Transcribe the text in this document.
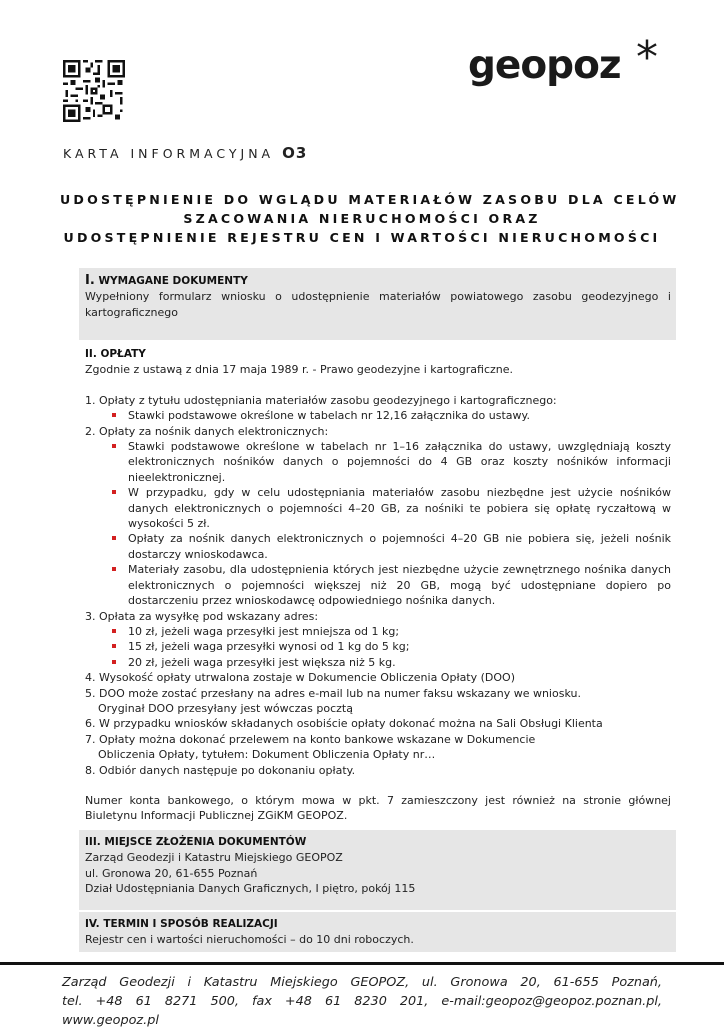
geopoz *
KARTA INFORMACYJNA O3
UDOSTĘPNIENIE DO WGLĄDU MATERIAŁÓW ZASOBU DLA CELÓW
SZACOWANIA NIERUCHOMOŚCI ORAZ
UDOSTĘPNIENIE REJESTRU CEN I WARTOŚCI NIERUCHOMOŚCI
I. WYMAGANE DOKUMENTY
Wypełniony formularz wniosku o udostępnienie materiałów powiatowego zasobu geodezyjnego i kartograficznego
II. OPŁATY
Zgodnie z ustawą z dnia 17 maja 1989 r. - Prawo geodezyjne i kartograficzne.
1. Opłaty z tytułu udostępniania materiałów zasobu geodezyjnego i kartograficznego:
Stawki podstawowe określone w tabelach nr 12,16 załącznika do ustawy.
2. Opłaty za nośnik danych elektronicznych:
Stawki podstawowe określone w tabelach nr 1–16 załącznika do ustawy, uwzględniają koszty elektronicznych nośników danych o pojemności do 4 GB oraz koszty nośników informacji nieelektronicznej.
W przypadku, gdy w celu udostępniania materiałów zasobu niezbędne jest użycie nośników danych elektronicznych o pojemności 4–20 GB, za nośniki te pobiera się opłatę ryczałtową w wysokości 5 zł.
Opłaty za nośnik danych elektronicznych o pojemności 4–20 GB nie pobiera się, jeżeli nośnik dostarczy wnioskodawca.
Materiały zasobu, dla udostępnienia których jest niezbędne użycie zewnętrznego nośnika danych elektronicznych o pojemności większej niż 20 GB, mogą być udostępniane dopiero po dostarczeniu przez wnioskodawcę odpowiedniego nośnika danych.
3. Opłata za wysyłkę pod wskazany adres:
10 zł, jeżeli waga przesyłki jest mniejsza od 1 kg;
15 zł, jeżeli waga przesyłki wynosi od 1 kg do 5 kg;
20 zł, jeżeli waga przesyłki jest większa niż 5 kg.
4. Wysokość opłaty utrwalona zostaje w Dokumencie Obliczenia Opłaty (DOO)
5. DOO może zostać przesłany na adres e-mail lub na numer faksu wskazany we wniosku.
Oryginał DOO przesyłany jest wówczas pocztą
6. W przypadku wniosków składanych osobiście opłaty dokonać można na Sali Obsługi Klienta
7. Opłaty można dokonać przelewem na konto bankowe wskazane w Dokumencie
Obliczenia Opłaty, tytułem: Dokument Obliczenia Opłaty nr…
8. Odbiór danych następuje po dokonaniu opłaty.
Numer konta bankowego, o którym mowa w pkt. 7 zamieszczony jest również na stronie głównej Biuletynu Informacji Publicznej ZGiKM GEOPOZ.
III. MIEJSCE ZŁOŻENIA DOKUMENTÓW
Zarząd Geodezji i Katastru Miejskiego GEOPOZ
ul. Gronowa 20, 61-655 Poznań
Dział Udostępniania Danych Graficznych, I piętro, pokój 115
IV. TERMIN I SPOSÓB REALIZACJI
Rejestr cen i wartości nieruchomości – do 10 dni roboczych.
Zarząd Geodezji i Katastru Miejskiego GEOPOZ, ul. Gronowa 20, 61-655 Poznań,
tel. +48 61 8271 500, fax +48 61 8230 201, e-mail:geopoz@geopoz.poznan.pl, www.geopoz.pl
